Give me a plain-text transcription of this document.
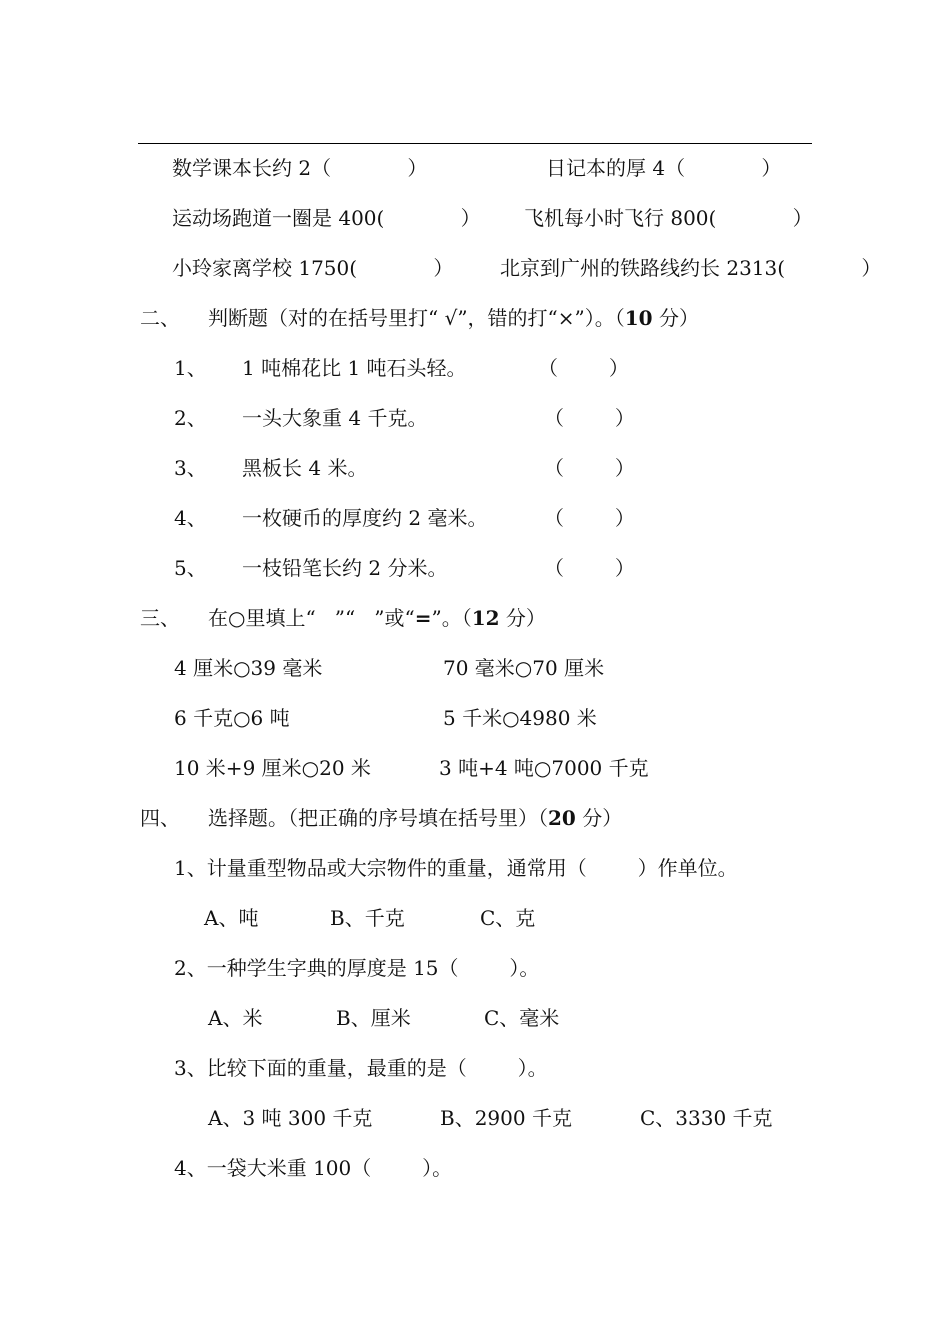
数学课本长约 2（            ）	日记本的厚 4（            ）
运动场跑道一圈是 400(            ） 飞机每小时飞行 800(            ）
小玲家离学校 1750(            ） 北京到广州的铁路线约长 2313(            ）
二、 判断题（对的在括号里打“ √”，错的打“×”）。（10 分）
1、 1 吨棉花比 1 吨石头轻。	（        ）
2、 一头大象重 4 千克。	（        ）
3、 黑板长 4 米。	（        ）
4、 一枚硬币的厚度约 2 毫米。	（        ）
5、 一枝铅笔长约 2 分米。	（        ）
三、 在○里填上“   ”“   ”或“=”。（12 分）
4 厘米○39 毫米	70 毫米○70 厘米
6 千克○6 吨	5 千米○4980 米
10 米+9 厘米○20 米	3 吨+4 吨○7000 千克
四、 选择题。（把正确的序号填在括号里）（20 分）
1、计量重型物品或大宗物件的重量，通常用（        ）作单位。
A、吨	B、千克	C、克
2、一种学生字典的厚度是 15（        ）。
A、米	B、厘米	C、毫米
3、比较下面的重量，最重的是（        ）。
A、3 吨 300 千克	B、2900 千克	C、3330 千克
4、一袋大米重 100（        ）。
